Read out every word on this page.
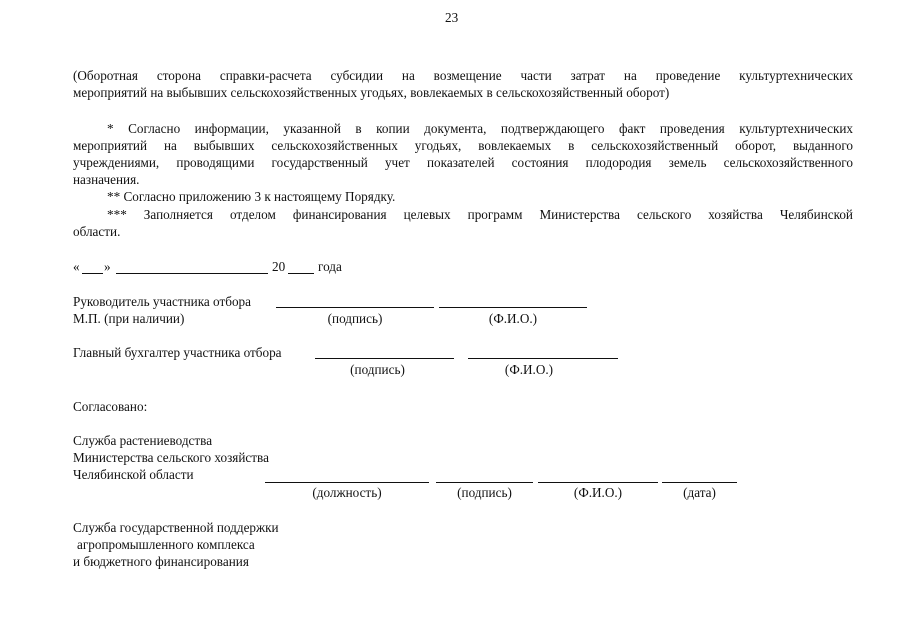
23
(Оборотная сторона справки-расчета субсидии на возмещение части затрат на проведение культуртехнических
мероприятий на выбывших сельскохозяйственных угодьях, вовлекаемых в сельскохозяйственный оборот)
* Согласно информации, указанной в копии документа, подтверждающего факт проведения культуртехнических
мероприятий на выбывших сельскохозяйственных угодьях, вовлекаемых в сельскохозяйственный оборот, выданного
учреждениями, проводящими государственный учет показателей состояния плодородия земель сельскохозяйственного
назначения.
** Согласно приложению 3 к настоящему Порядку.
*** Заполняется отделом финансирования целевых программ Министерства сельского хозяйства Челябинской
области.
« »	20 года
Руководитель участника отбора
М.П. (при наличии)	(подпись)	(Ф.И.О.)
Главный бухгалтер участника отбора
(подпись)	(Ф.И.О.)
Согласовано:
Служба растениеводства
Министерства сельского хозяйства
Челябинской области
(должность)	(подпись)	(Ф.И.О.)	(дата)
Служба государственной поддержки
агропромышленного комплекса
и бюджетного финансирования
